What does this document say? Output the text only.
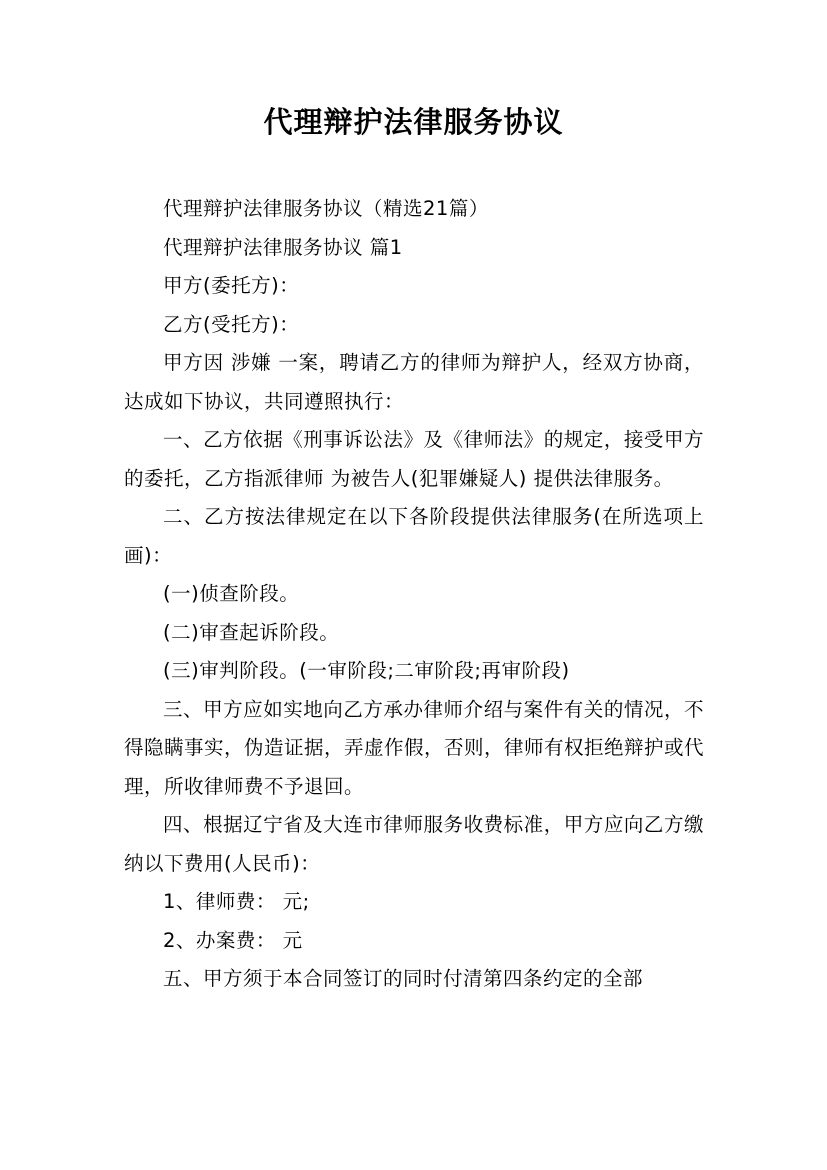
代理辩护法律服务协议

代理辩护法律服务协议（精选21篇）

代理辩护法律服务协议 篇1

甲方(委托方)：

乙方(受托方)：

甲方因 涉嫌 一案，聘请乙方的律师为辩护人，经双方协商，达成如下协议，共同遵照执行：

一、乙方依据《刑事诉讼法》及《律师法》的规定，接受甲方的委托，乙方指派律师 为被告人(犯罪嫌疑人) 提供法律服务。

二、乙方按法律规定在以下各阶段提供法律服务(在所选项上画)：

(一)侦查阶段。

(二)审查起诉阶段。

(三)审判阶段。(一审阶段;二审阶段;再审阶段)

三、甲方应如实地向乙方承办律师介绍与案件有关的情况，不得隐瞒事实，伪造证据，弄虚作假，否则，律师有权拒绝辩护或代理，所收律师费不予退回。

四、根据辽宁省及大连市律师服务收费标准，甲方应向乙方缴纳以下费用(人民币)：

1、律师费： 元;

2、办案费： 元

五、甲方须于本合同签订的同时付清第四条约定的全部
